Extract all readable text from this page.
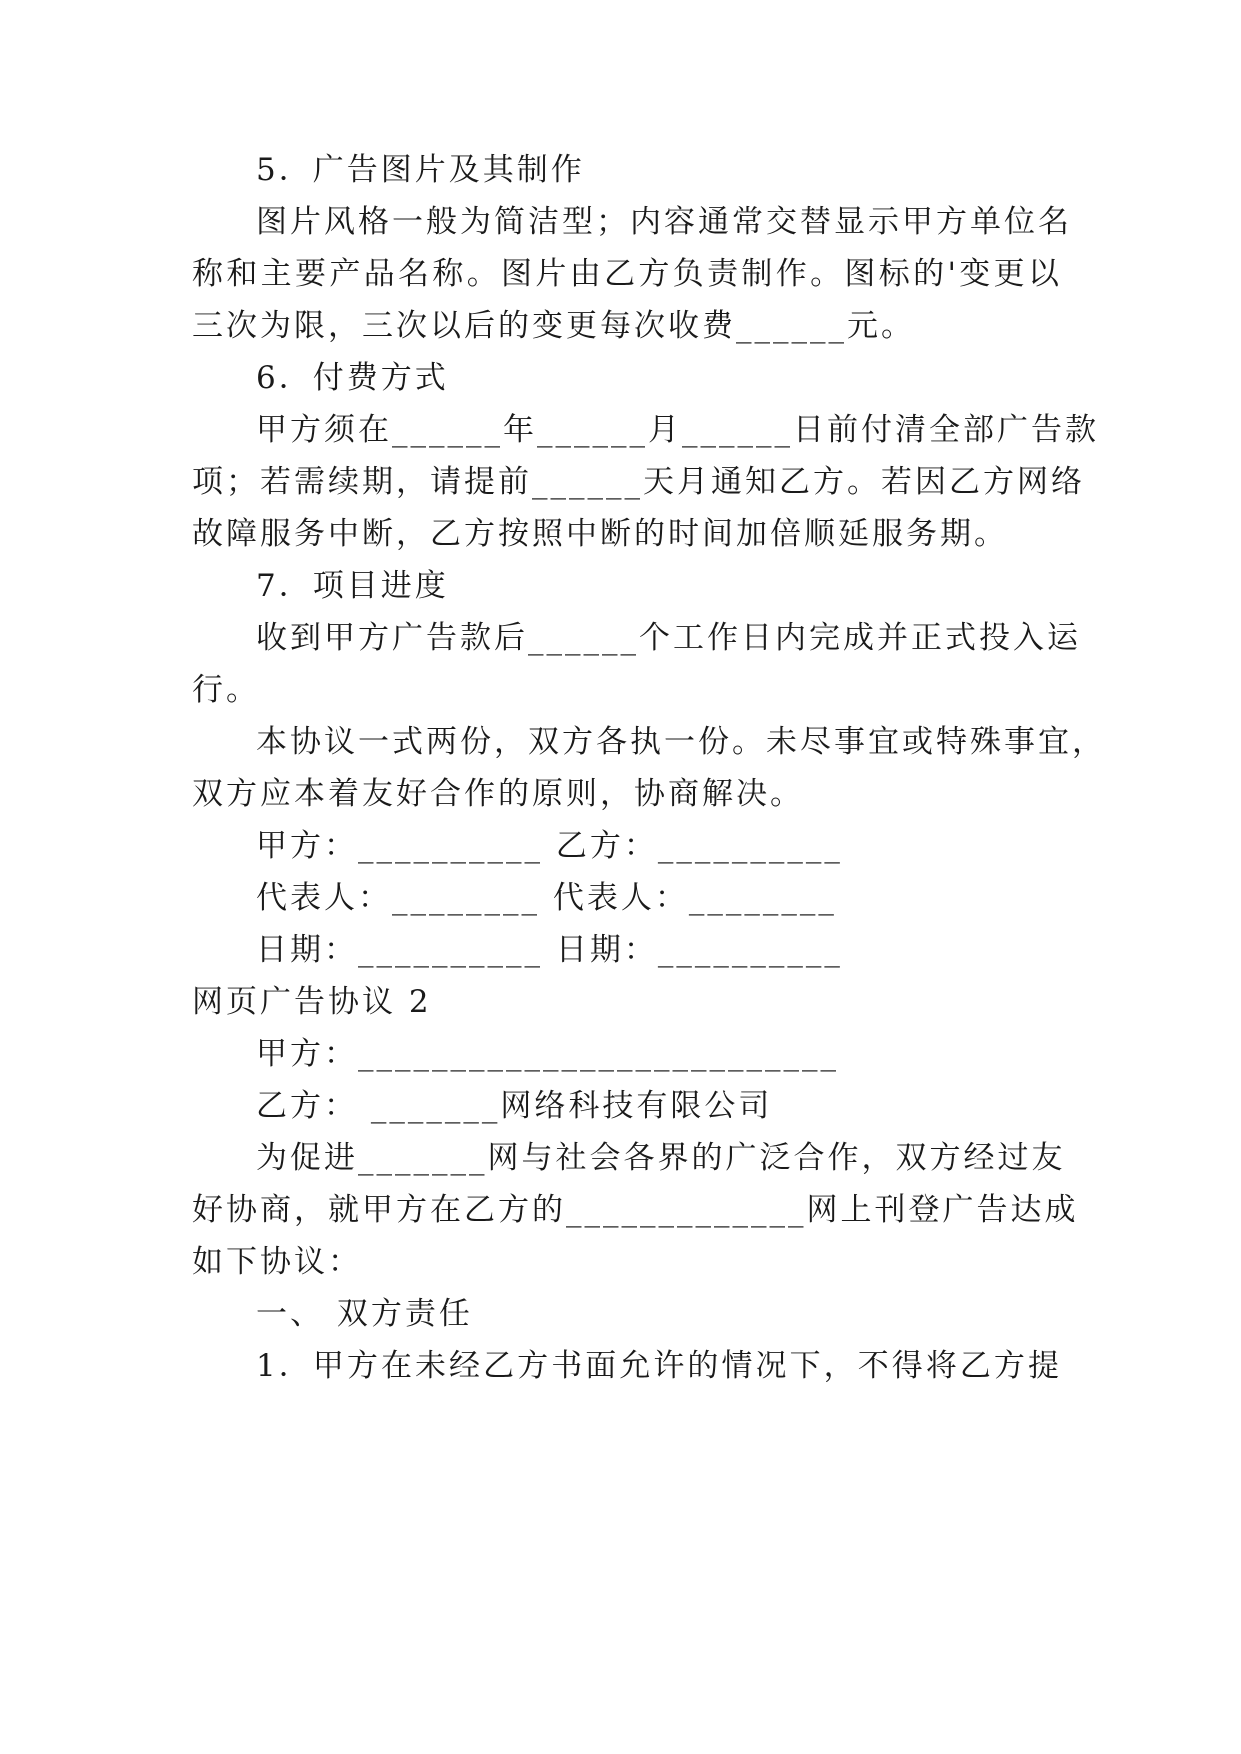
5．广告图片及其制作
图片风格一般为简洁型；内容通常交替显示甲方单位名
称和主要产品名称。图片由乙方负责制作。图标的'变更以
三次为限，三次以后的变更每次收费______元。
6．付费方式
甲方须在______年______月______日前付清全部广告款
项；若需续期，请提前______天月通知乙方。若因乙方网络
故障服务中断，乙方按照中断的时间加倍顺延服务期。
7．项目进度
收到甲方广告款后______个工作日内完成并正式投入运
行。
本协议一式两份，双方各执一份。未尽事宜或特殊事宜，
双方应本着友好合作的原则，协商解决。
甲方：__________ 乙方：__________
代表人：________ 代表人：________
日期：__________ 日期：__________
网页广告协议 2
甲方：__________________________
乙方： _______网络科技有限公司
为促进_______网与社会各界的广泛合作，双方经过友
好协商，就甲方在乙方的_____________网上刊登广告达成
如下协议：
一、 双方责任
1．甲方在未经乙方书面允许的情况下，不得将乙方提
